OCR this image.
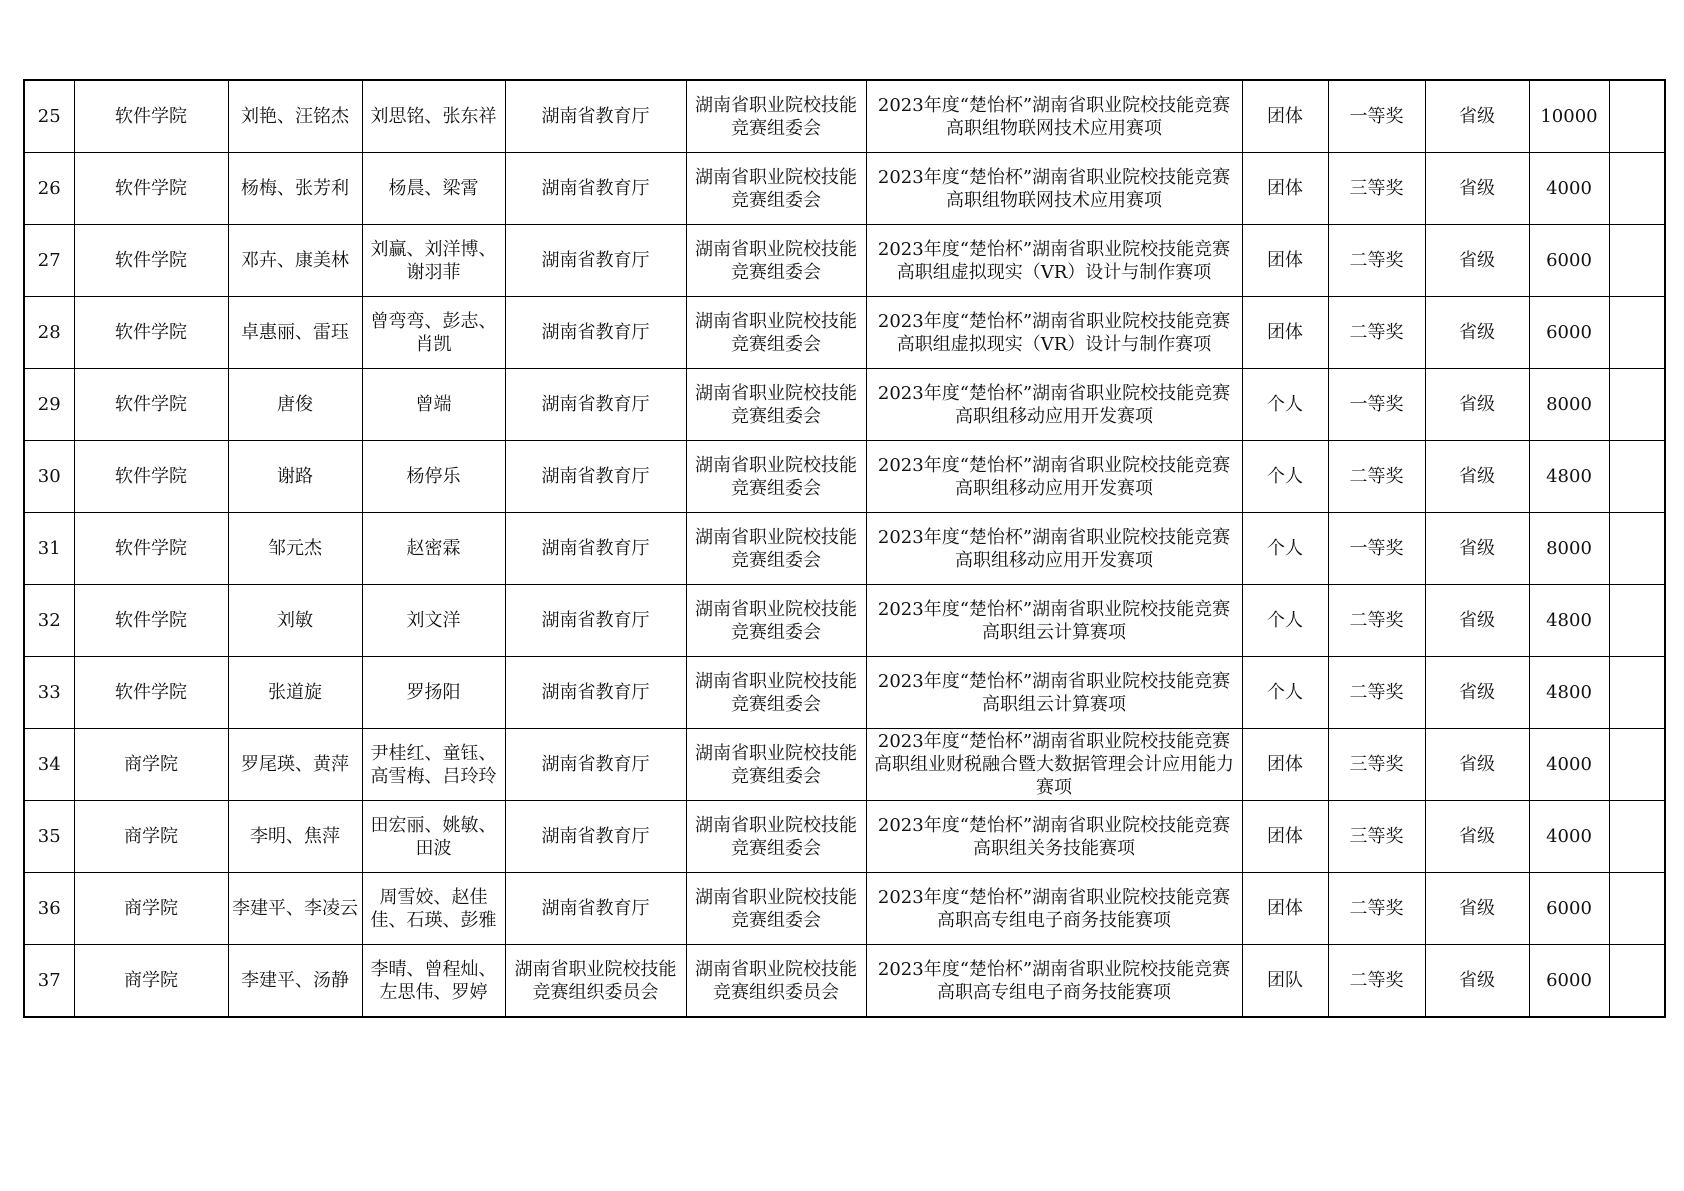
25	软件学院	刘艳、汪铭杰	刘思铭、张东祥	湖南省教育厅	湖南省职业院校技能竞赛组委会	2023年度“楚怡杯”湖南省职业院校技能竞赛高职组物联网技术应用赛项	团体	一等奖	省级	10000	
26	软件学院	杨梅、张芳利	杨晨、梁霄	湖南省教育厅	湖南省职业院校技能竞赛组委会	2023年度“楚怡杯”湖南省职业院校技能竞赛高职组物联网技术应用赛项	团体	三等奖	省级	4000	
27	软件学院	邓卉、康美林	刘赢、刘洋博、谢羽菲	湖南省教育厅	湖南省职业院校技能竞赛组委会	2023年度“楚怡杯”湖南省职业院校技能竞赛高职组虚拟现实（VR）设计与制作赛项	团体	二等奖	省级	6000	
28	软件学院	卓惠丽、雷珏	曾弯弯、彭志、肖凯	湖南省教育厅	湖南省职业院校技能竞赛组委会	2023年度“楚怡杯”湖南省职业院校技能竞赛高职组虚拟现实（VR）设计与制作赛项	团体	二等奖	省级	6000	
29	软件学院	唐俊	曾端	湖南省教育厅	湖南省职业院校技能竞赛组委会	2023年度“楚怡杯”湖南省职业院校技能竞赛高职组移动应用开发赛项	个人	一等奖	省级	8000	
30	软件学院	谢路	杨停乐	湖南省教育厅	湖南省职业院校技能竞赛组委会	2023年度“楚怡杯”湖南省职业院校技能竞赛高职组移动应用开发赛项	个人	二等奖	省级	4800	
31	软件学院	邹元杰	赵密霖	湖南省教育厅	湖南省职业院校技能竞赛组委会	2023年度“楚怡杯”湖南省职业院校技能竞赛高职组移动应用开发赛项	个人	一等奖	省级	8000	
32	软件学院	刘敏	刘文洋	湖南省教育厅	湖南省职业院校技能竞赛组委会	2023年度“楚怡杯”湖南省职业院校技能竞赛高职组云计算赛项	个人	二等奖	省级	4800	
33	软件学院	张道旋	罗扬阳	湖南省教育厅	湖南省职业院校技能竞赛组委会	2023年度“楚怡杯”湖南省职业院校技能竞赛高职组云计算赛项	个人	二等奖	省级	4800	
34	商学院	罗尾瑛、黄萍	尹桂红、童钰、高雪梅、吕玲玲	湖南省教育厅	湖南省职业院校技能竞赛组委会	2023年度“楚怡杯”湖南省职业院校技能竞赛高职组业财税融合暨大数据管理会计应用能力赛项	团体	三等奖	省级	4000	
35	商学院	李明、焦萍	田宏丽、姚敏、田波	湖南省教育厅	湖南省职业院校技能竞赛组委会	2023年度“楚怡杯”湖南省职业院校技能竞赛高职组关务技能赛项	团体	三等奖	省级	4000	
36	商学院	李建平、李凌云	周雪姣、赵佳佳、石瑛、彭雅	湖南省教育厅	湖南省职业院校技能竞赛组委会	2023年度“楚怡杯”湖南省职业院校技能竞赛高职高专组电子商务技能赛项	团体	二等奖	省级	6000	
37	商学院	李建平、汤静	李晴、曾程灿、左思伟、罗婷	湖南省职业院校技能竞赛组织委员会	湖南省职业院校技能竞赛组织委员会	2023年度“楚怡杯”湖南省职业院校技能竞赛高职高专组电子商务技能赛项	团队	二等奖	省级	6000	
